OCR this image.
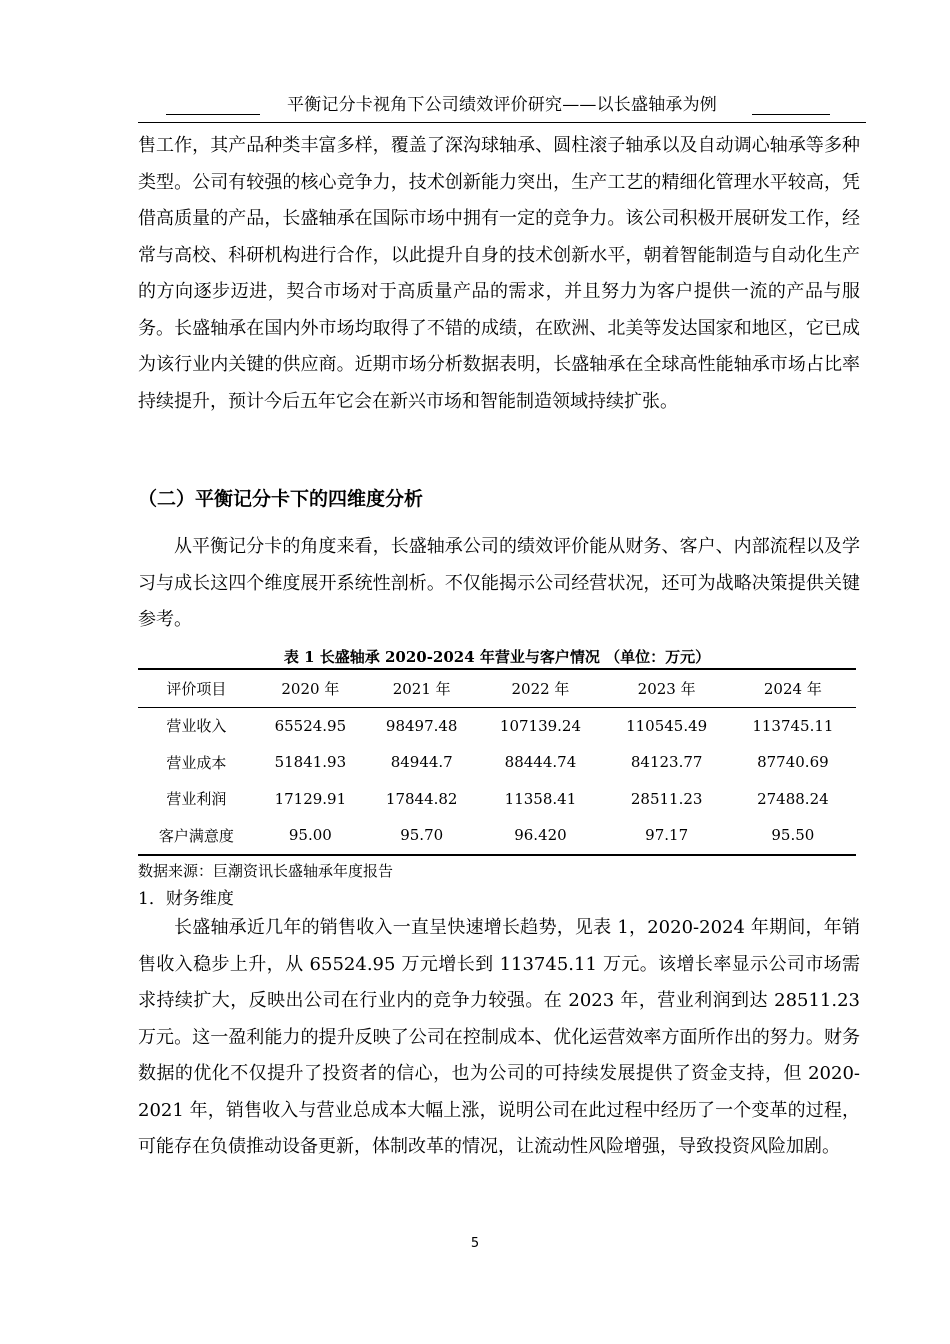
平衡记分卡视角下公司绩效评价研究——以长盛轴承为例

售工作，其产品种类丰富多样，覆盖了深沟球轴承、圆柱滚子轴承以及自动调心轴承等多种类型。公司有较强的核心竞争力，技术创新能力突出，生产工艺的精细化管理水平较高，凭借高质量的产品，长盛轴承在国际市场中拥有一定的竞争力。该公司积极开展研发工作，经常与高校、科研机构进行合作，以此提升自身的技术创新水平，朝着智能制造与自动化生产的方向逐步迈进，契合市场对于高质量产品的需求，并且努力为客户提供一流的产品与服务。长盛轴承在国内外市场均取得了不错的成绩，在欧洲、北美等发达国家和地区，它已成为该行业内关键的供应商。近期市场分析数据表明，长盛轴承在全球高性能轴承市场占比率持续提升，预计今后五年它会在新兴市场和智能制造领域持续扩张。

（二）平衡记分卡下的四维度分析

从平衡记分卡的角度来看，长盛轴承公司的绩效评价能从财务、客户、内部流程以及学习与成长这四个维度展开系统性剖析。不仅能揭示公司经营状况，还可为战略决策提供关键参考。

表 1 长盛轴承 2020-2024 年营业与客户情况 （单位：万元）
评价项目	2020 年	2021 年	2022 年	2023 年	2024 年
营业收入	65524.95	98497.48	107139.24	110545.49	113745.11
营业成本	51841.93	84944.7	88444.74	84123.77	87740.69
营业利润	17129.91	17844.82	11358.41	28511.23	27488.24
客户满意度	95.00	95.70	96.420	97.17	95.50
数据来源：巨潮资讯长盛轴承年度报告
1．财务维度

长盛轴承近几年的销售收入一直呈快速增长趋势，见表 1，2020-2024 年期间，年销售收入稳步上升，从 65524.95 万元增长到 113745.11 万元。该增长率显示公司市场需求持续扩大，反映出公司在行业内的竞争力较强。在 2023 年，营业利润到达 28511.23 万元。这一盈利能力的提升反映了公司在控制成本、优化运营效率方面所作出的努力。财务数据的优化不仅提升了投资者的信心，也为公司的可持续发展提供了资金支持，但 2020-2021 年，销售收入与营业总成本大幅上涨，说明公司在此过程中经历了一个变革的过程，可能存在负债推动设备更新，体制改革的情况，让流动性风险增强，导致投资风险加剧。

5
